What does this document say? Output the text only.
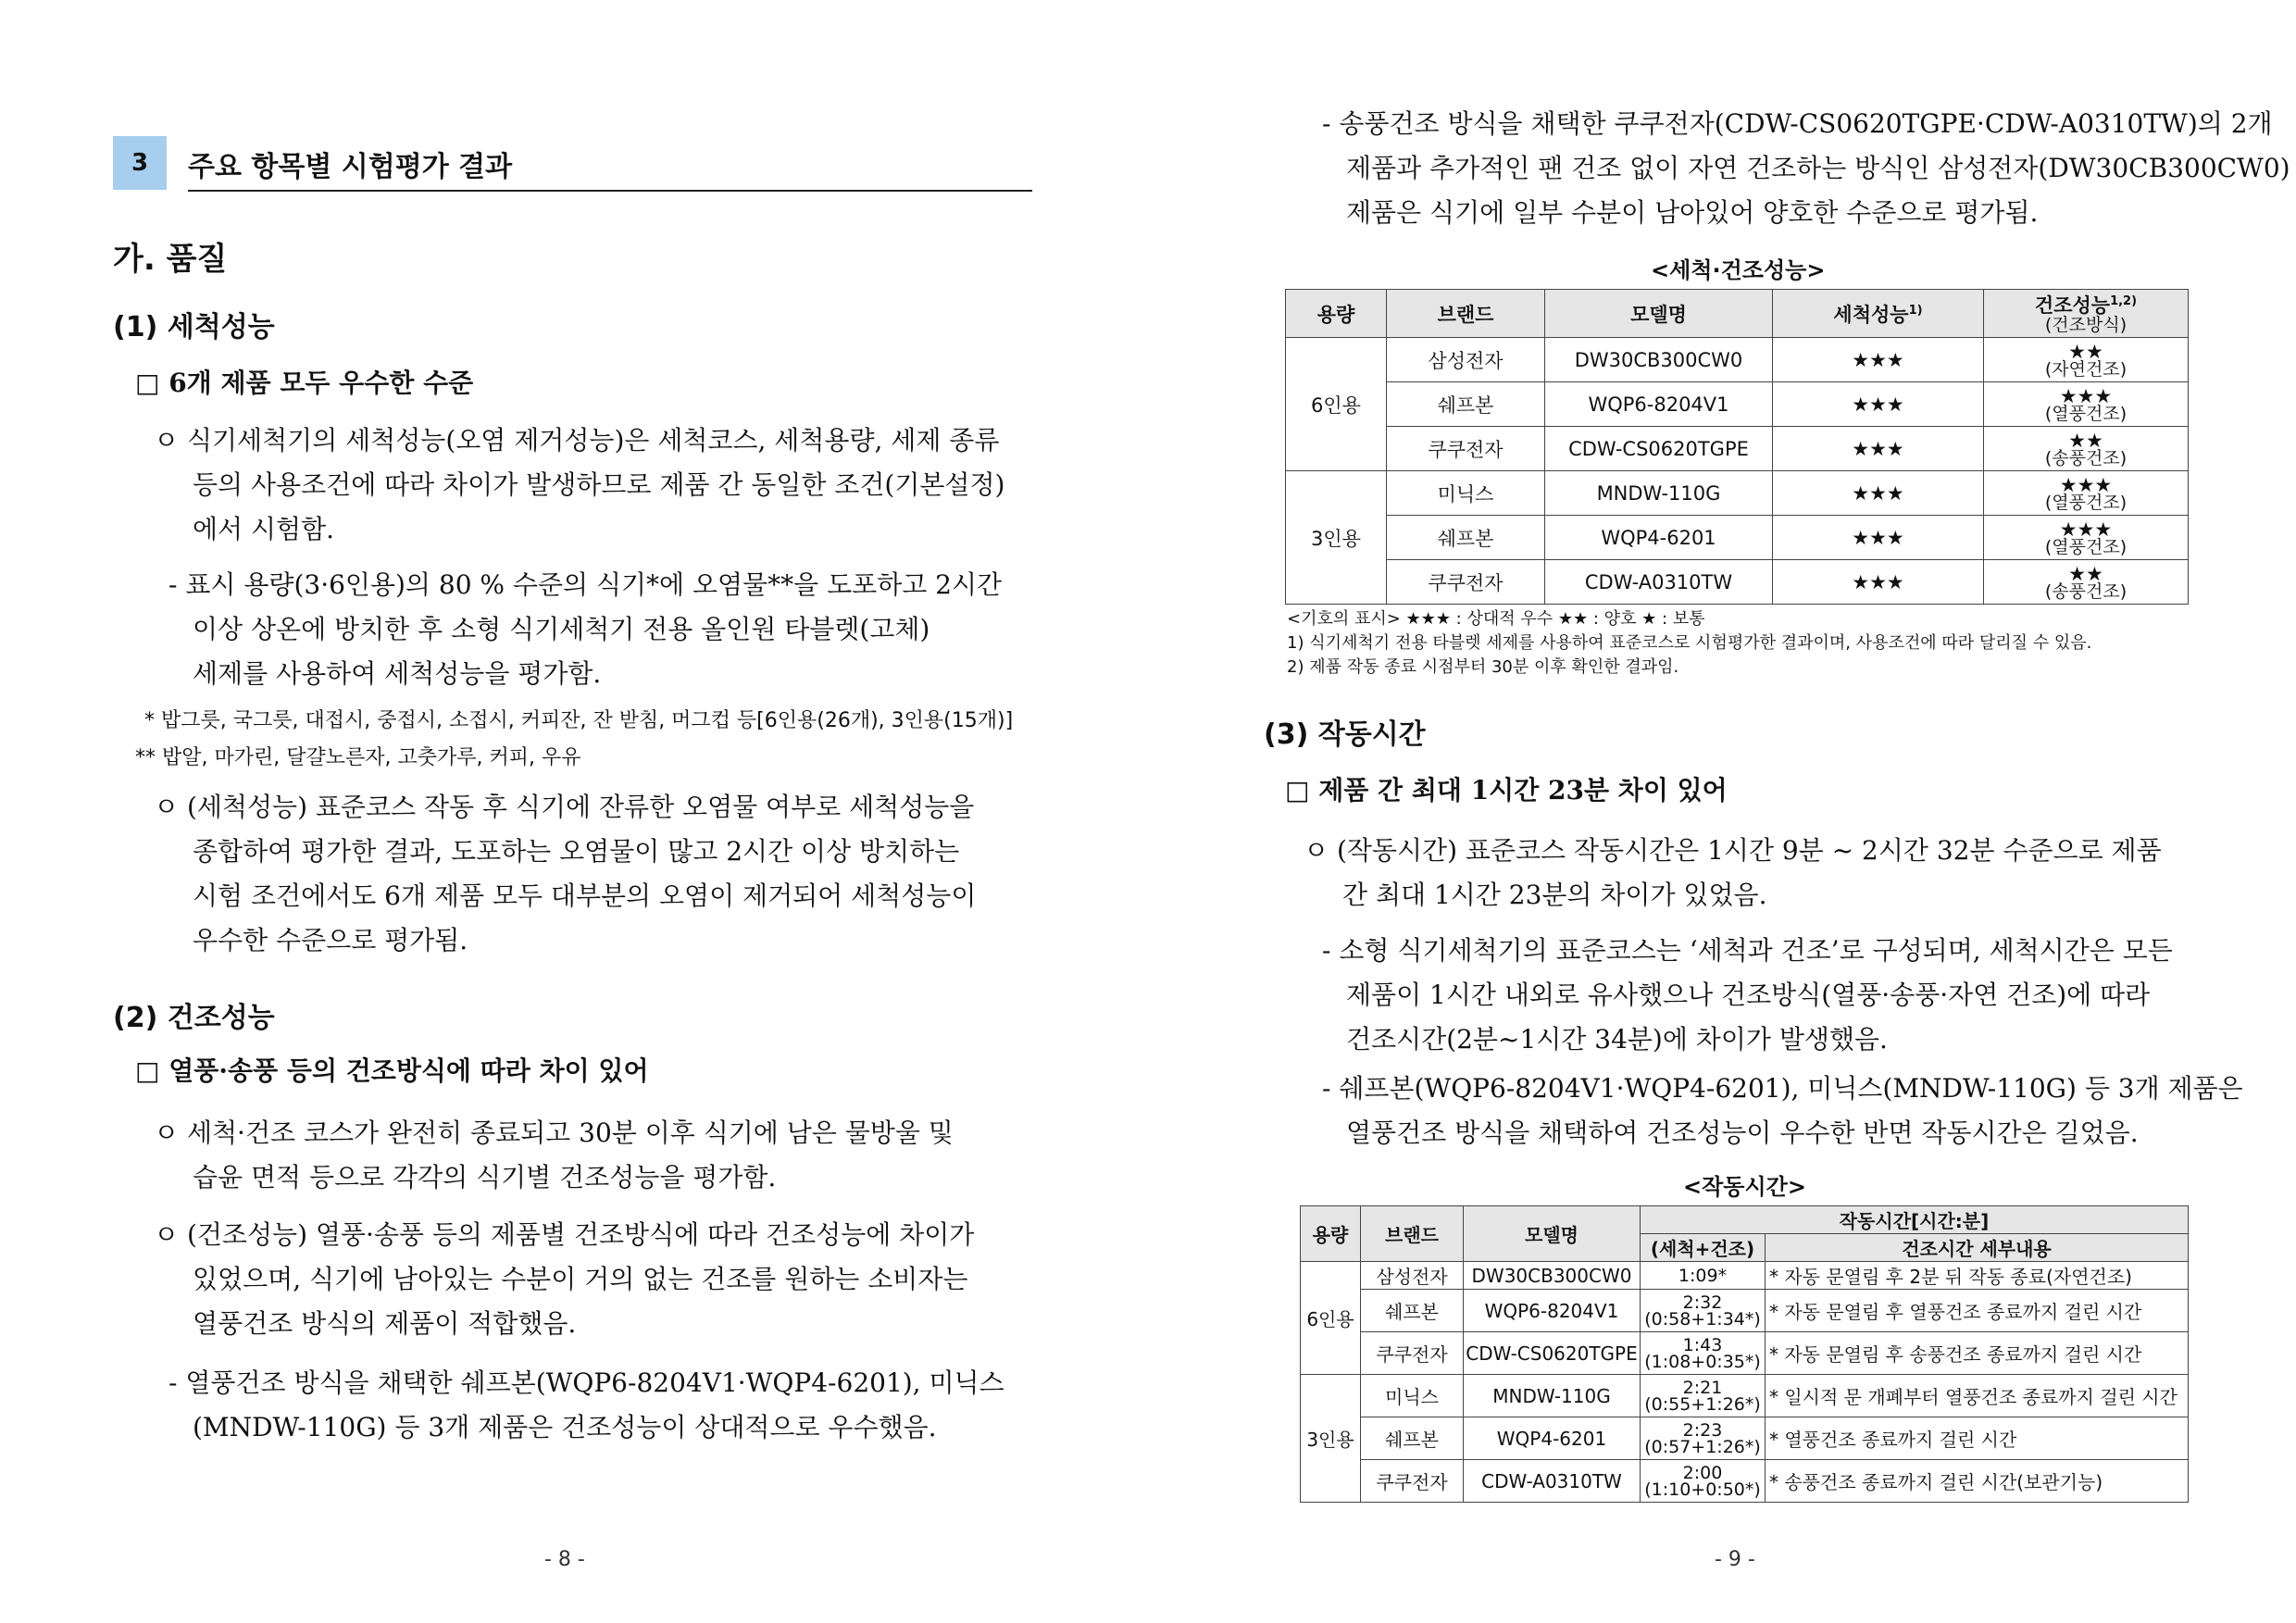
3	주요 항목별 시험평가 결과
가. 품질
(1) 세척성능
□ 6개 제품 모두 우수한 수준
ㅇ 식기세척기의 세척성능(오염 제거성능)은 세척코스, 세척용량, 세제 종류
등의 사용조건에 따라 차이가 발생하므로 제품 간 동일한 조건(기본설정)
에서 시험함.
- 표시 용량(3·6인용)의 80 % 수준의 식기*에 오염물**을 도포하고 2시간
이상 상온에 방치한 후 소형 식기세척기 전용 올인원 타블렛(고체)
세제를 사용하여 세척성능을 평가함.
* 밥그릇, 국그릇, 대접시, 중접시, 소접시, 커피잔, 잔 받침, 머그컵 등[6인용(26개), 3인용(15개)]
** 밥알, 마가린, 달걀노른자, 고춧가루, 커피, 우유
ㅇ (세척성능) 표준코스 작동 후 식기에 잔류한 오염물 여부로 세척성능을
종합하여 평가한 결과, 도포하는 오염물이 많고 2시간 이상 방치하는
시험 조건에서도 6개 제품 모두 대부분의 오염이 제거되어 세척성능이
우수한 수준으로 평가됨.
(2) 건조성능
□ 열풍·송풍 등의 건조방식에 따라 차이 있어
ㅇ 세척·건조 코스가 완전히 종료되고 30분 이후 식기에 남은 물방울 및
습윤 면적 등으로 각각의 식기별 건조성능을 평가함.
ㅇ (건조성능) 열풍·송풍 등의 제품별 건조방식에 따라 건조성능에 차이가
있었으며, 식기에 남아있는 수분이 거의 없는 건조를 원하는 소비자는
열풍건조 방식의 제품이 적합했음.
- 열풍건조 방식을 채택한 쉐프본(WQP6-8204V1·WQP4-6201), 미닉스
(MNDW-110G) 등 3개 제품은 건조성능이 상대적으로 우수했음.
- 8 -
- 송풍건조 방식을 채택한 쿠쿠전자(CDW-CS0620TGPE·CDW-A0310TW)의 2개
제품과 추가적인 팬 건조 없이 자연 건조하는 방식인 삼성전자(DW30CB300CW0)
제품은 식기에 일부 수분이 남아있어 양호한 수준으로 평가됨.
<세척·건조성능>
용량	브랜드	모델명	세척성능$^{1)}$	건조성능$^{1,2)}$
(건조방식)
6인용	삼성전자	DW30CB300CW0	★★★	★★
(자연건조)

	쉐프본	WQP6-8204V1	★★★	★★★
(열풍건조)

	쿠쿠전자	CDW-CS0620TGPE	★★★	★★
(송풍건조)

3인용	미닉스	MNDW-110G	★★★	★★★
(열풍건조)

	쉐프본	WQP4-6201	★★★	★★★
(열풍건조)

	쿠쿠전자	CDW-A0310TW	★★★	★★
(송풍건조)
<기호의 표시> ★★★ : 상대적 우수 ★★ : 양호 ★ : 보통
1) 식기세척기 전용 타블렛 세제를 사용하여 표준코스로 시험평가한 결과이며, 사용조건에 따라 달리질 수 있음.
2) 제품 작동 종료 시점부터 30분 이후 확인한 결과임.
(3) 작동시간
□ 제품 간 최대 1시간 23분 차이 있어
ㅇ (작동시간) 표준코스 작동시간은 1시간 9분 ~ 2시간 32분 수준으로 제품
간 최대 1시간 23분의 차이가 있었음.
- 소형 식기세척기의 표준코스는 ‘세척과 건조’로 구성되며, 세척시간은 모든
제품이 1시간 내외로 유사했으나 건조방식(열풍·송풍·자연 건조)에 따라
건조시간(2분~1시간 34분)에 차이가 발생했음.
- 쉐프본(WQP6-8204V1·WQP4-6201), 미닉스(MNDW-110G) 등 3개 제품은
열풍건조 방식을 채택하여 건조성능이 우수한 반면 작동시간은 길었음.
<작동시간>
용량	브랜드	모델명	작동시간[시간:분]	
			(세척+건조)	건조시간 세부내용
6인용	삼성전자	DW30CB300CW0	1:09*	* 자동 문열림 후 2분 뒤 작동 종료(자연건조)
	쉐프본	WQP6-8204V1	2:32
(0:58+1:34*)	* 자동 문열림 후 열풍건조 종료까지 걸린 시간
	쿠쿠전자	CDW-CS0620TGPE	1:43
(1:08+0:35*)	* 자동 문열림 후 송풍건조 종료까지 걸린 시간
3인용	미닉스	MNDW-110G	2:21
(0:55+1:26*)	* 일시적 문 개폐부터 열풍건조 종료까지 걸린 시간
	쉐프본	WQP4-6201	2:23
(0:57+1:26*)	* 열풍건조 종료까지 걸린 시간
	쿠쿠전자	CDW-A0310TW	2:00
(1:10+0:50*)	* 송풍건조 종료까지 걸린 시간(보관기능)
- 9 -
